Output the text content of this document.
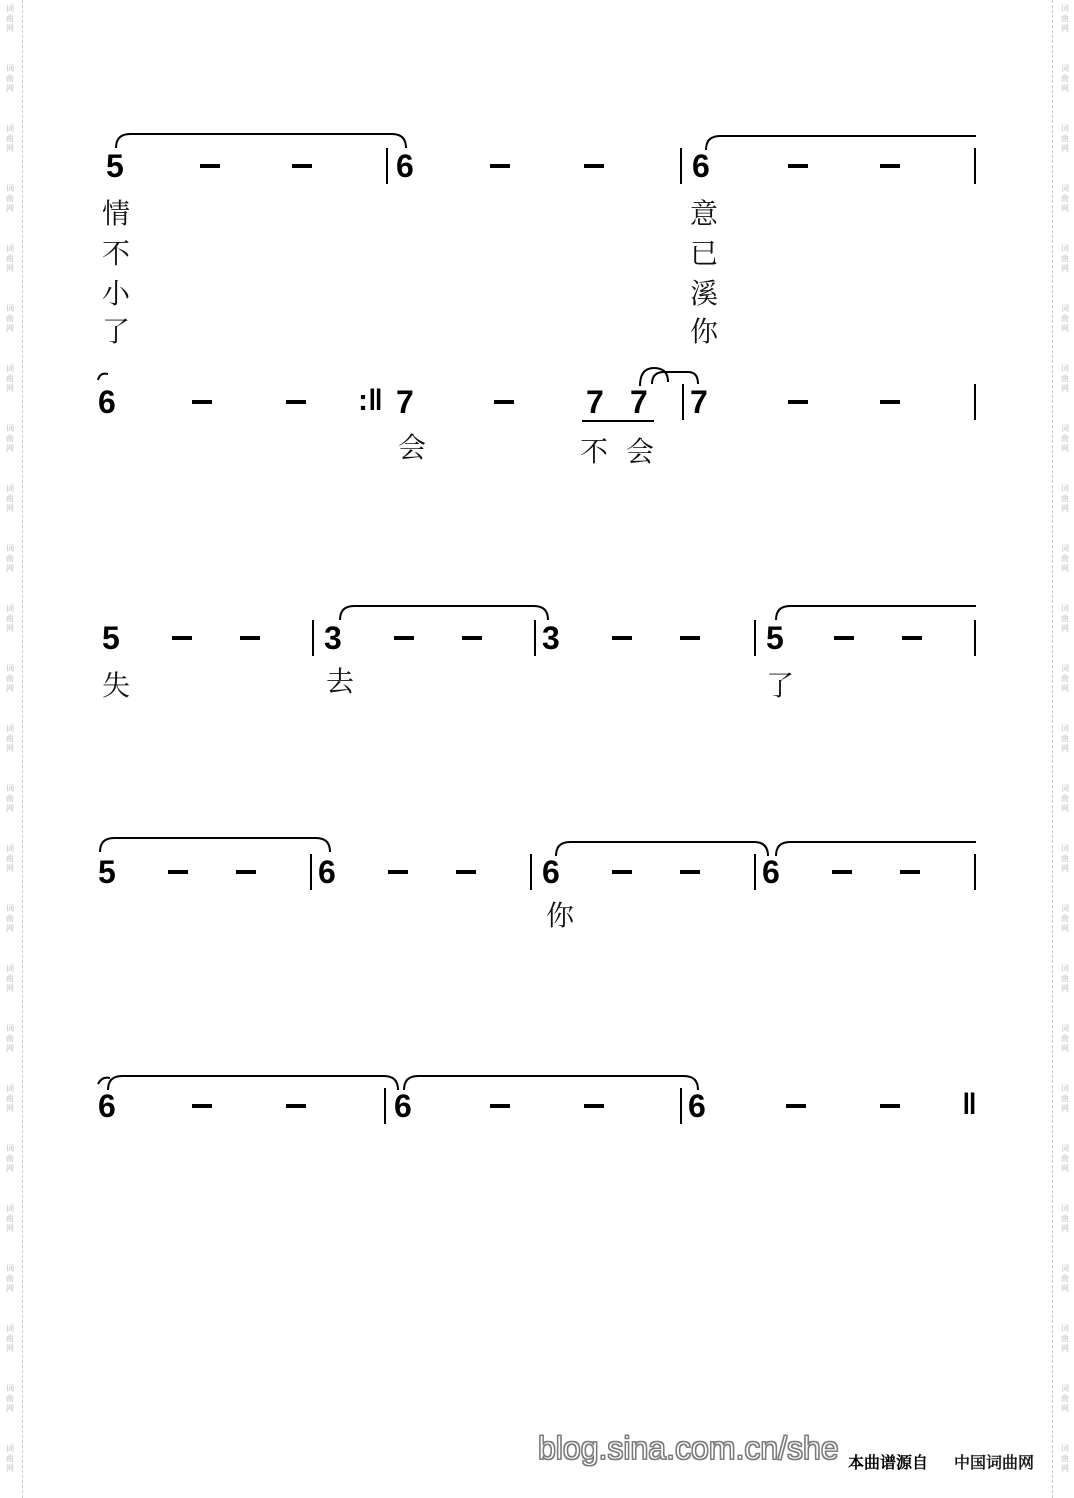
词
曲
网
词
曲
网
词
曲
网
词
曲
网
词
曲
网
词
曲
网
词
曲
网
词
曲
网
词
曲
网
词
曲
网
词
曲
网
词
曲
网
词
曲
网
词
曲
网
词
曲
网
词
曲
网
词
曲
网
词
曲
网
词
曲
网
词
曲
网
词
曲
网
词
曲
网
词
曲
网
词
曲
网
词
曲
网
词
曲
网
词
曲
网
词
曲
网
词
曲
网
词
曲
网
词
曲
网
词
曲
网
词
曲
网
词
曲
网
词
曲
网
词
曲
网
词
曲
网
词
曲
网
词
曲
网
词
曲
网
词
曲
网
词
曲
网
词
曲
网
词
曲
网
词
曲
网
词
曲
网
词
曲
网
词
曲
网
词
曲
网
词
曲
网
5	6	6
情
不
小
了
意
已
溪
你
6	:‖ 7	7 7 7
会	不 会
5	3	3	5
失	去	了
5	6	6	6
你
6	6	6	‖
blog.sina.com.cn/she 本曲谱源自	中国词曲网
